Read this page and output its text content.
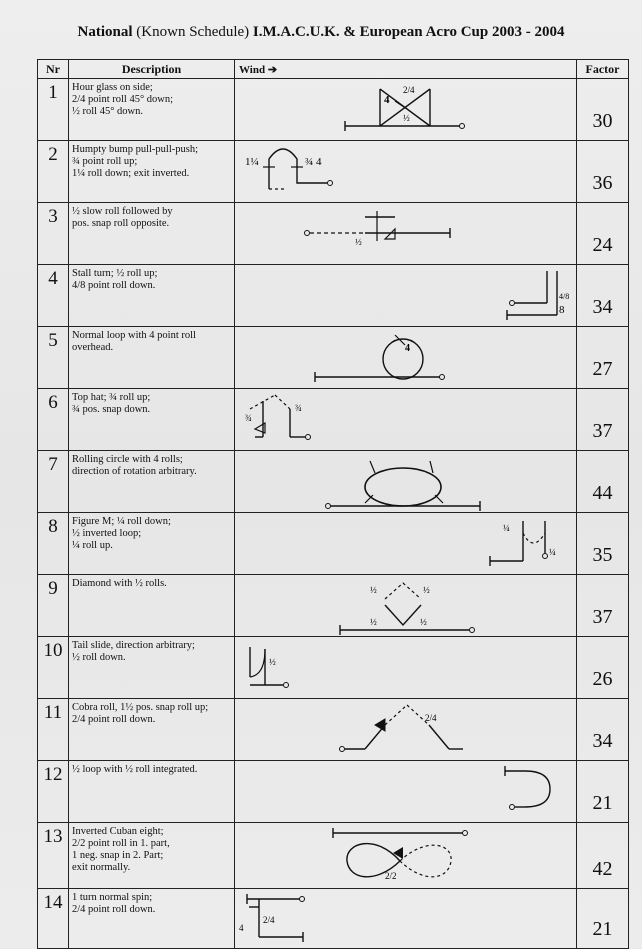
National (Known Schedule) I.M.A.C.U.K. & European Acro Cup 2003 - 2004
Nr	Description	Wind ➔	Factor
1	Hour glass on side;
2/4 point roll 45° down;
½ roll 45° down.	4
2/4
½	30
2	Humpty bump pull-pull-push;
¾ point roll up;
1¼ roll down; exit inverted.	1¼ ¾ 4	36
3	½ slow roll followed by
pos. snap roll opposite.	½	24
4	Stall turn; ½ roll up;
4/8 point roll down.	4/8
8	34
5	Normal loop with 4 point roll
overhead.	4	27
6	Top hat; ¾ roll up;
¾ pos. snap down.	¾
¾	37
7	Rolling circle with 4 rolls;
direction of rotation arbitrary.		44
8	Figure M; ¼ roll down;
½ inverted loop;
¼ roll up.	¼
¼	35
9	Diamond with ½ rolls.	½ ½
½ ½	37
10	Tail slide, direction arbitrary;
½ roll down.	½	26
11	Cobra roll, 1½ pos. snap roll up;
2/4 point roll down.	2/4	34
12	½ loop with ½ roll integrated.		21
13	Inverted Cuban eight;
2/2 point roll in 1. part,
1 neg. snap in 2. Part;
exit normally.	2/2	42
14	1 turn normal spin;
2/4 point roll down.	2/4
4	21
